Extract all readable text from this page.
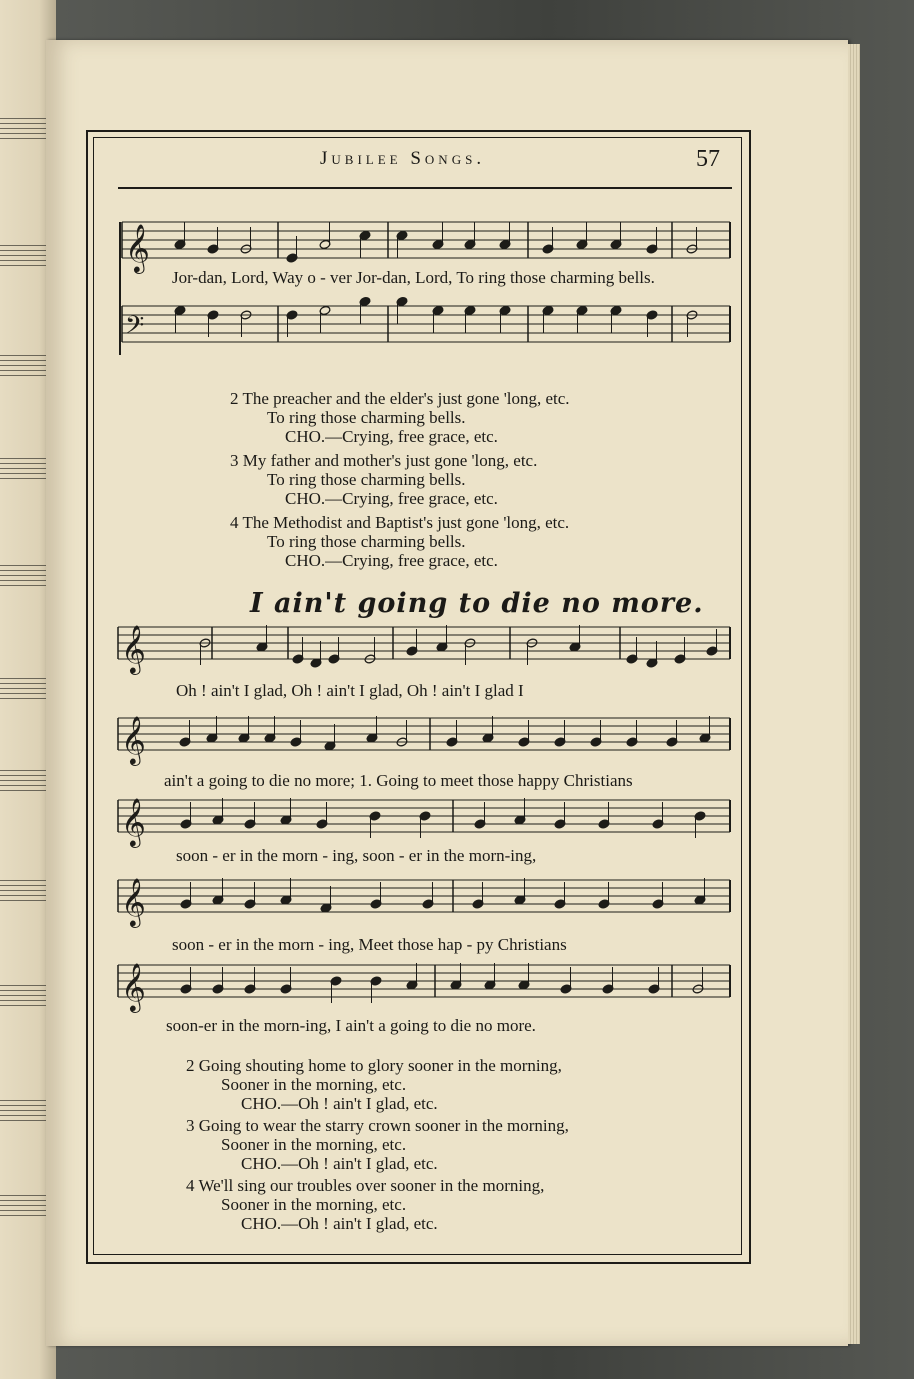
Jubilee Songs.	57
𝄞
𝄢
𝄞
𝄞
𝄞
𝄞
𝄞
Jor-dan, Lord, Way o - ver Jor-dan, Lord, To ring those charming bells.
2 The preacher and the elder's just gone 'long, etc.
To ring those charming bells.
CHO.—Crying, free grace, etc.
3 My father and mother's just gone 'long, etc.
To ring those charming bells.
CHO.—Crying, free grace, etc.
4 The Methodist and Baptist's just gone 'long, etc.
To ring those charming bells.
CHO.—Crying, free grace, etc.
I ain't going to die no more.
Oh ! ain't I glad, Oh ! ain't I glad, Oh ! ain't I glad I
ain't a going to die no more; 1. Going to meet those happy Christians
soon - er in the morn - ing, soon - er in the morn-ing,
soon - er in the morn - ing, Meet those hap - py Christians
soon-er in the morn-ing, I ain't a going to die no more.
2 Going shouting home to glory sooner in the morning,
Sooner in the morning, etc.
CHO.—Oh ! ain't I glad, etc.
3 Going to wear the starry crown sooner in the morning,
Sooner in the morning, etc.
CHO.—Oh ! ain't I glad, etc.
4 We'll sing our troubles over sooner in the morning,
Sooner in the morning, etc.
CHO.—Oh ! ain't I glad, etc.
